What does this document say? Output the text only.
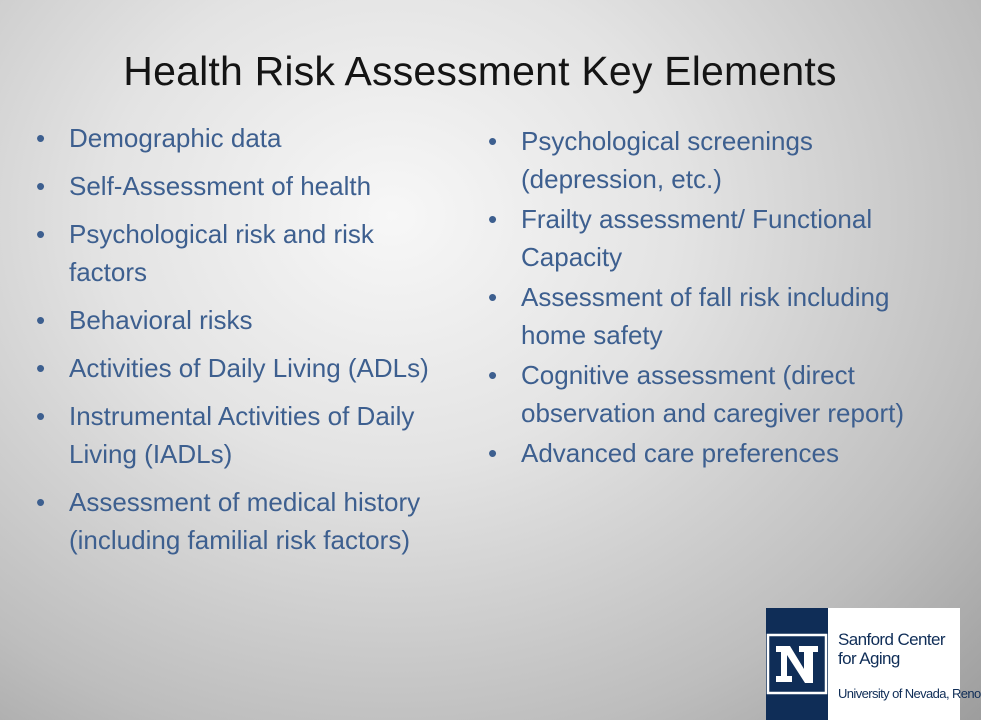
Health Risk Assessment Key Elements
• Demographic data
• Self-Assessment of health
• Psychological risk and risk factors
• Behavioral risks
• Activities of Daily Living (ADLs)
• Instrumental Activities of Daily Living (IADLs)
• Assessment of medical history (including familial risk factors)
• Psychological screenings (depression, etc.)
• Frailty assessment/ Functional Capacity
• Assessment of fall risk including home safety
• Cognitive assessment (direct observation and caregiver report)
• Advanced care preferences
Sanford Center
for Aging
University of Nevada, Reno
